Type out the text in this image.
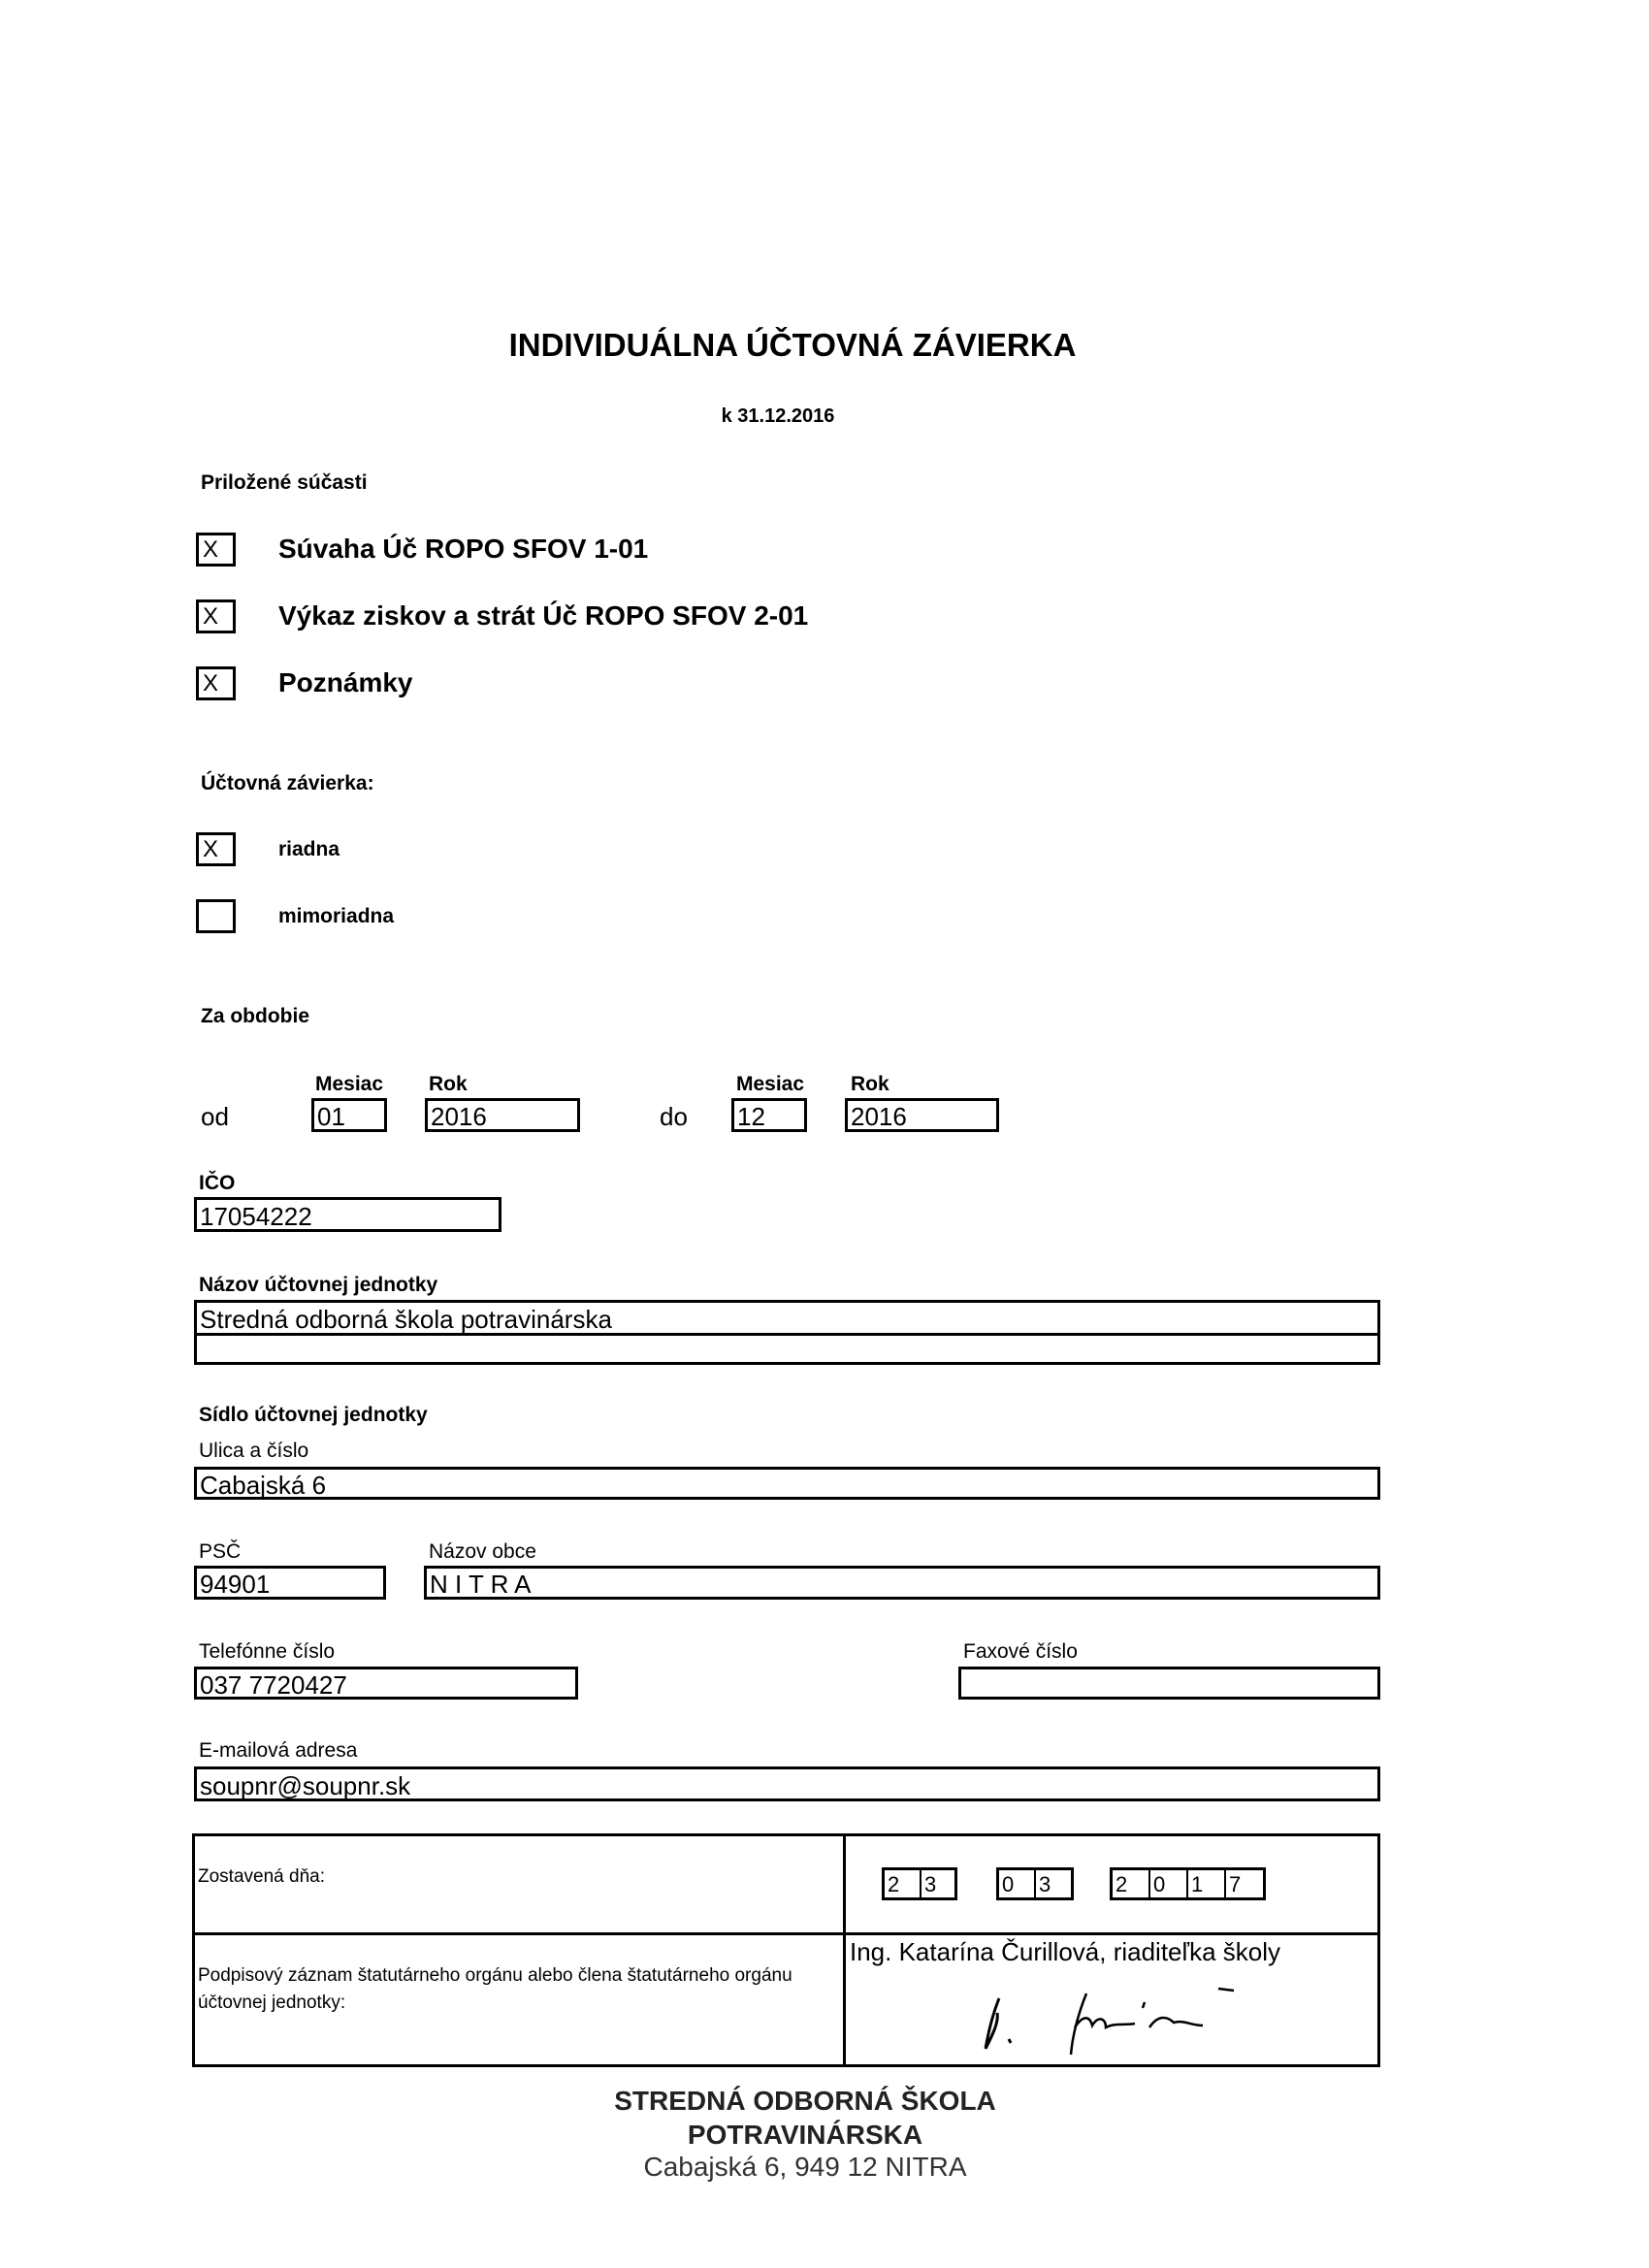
INDIVIDUÁLNA ÚČTOVNÁ ZÁVIERKA
k 31.12.2016
Priložené súčasti
X	Súvaha Úč ROPO SFOV 1-01
X	Výkaz ziskov a strát Úč ROPO SFOV 2-01
X	Poznámky
Účtovná závierka:
X	riadna
mimoriadna
Za obdobie
Mesiac Rok	Mesiac Rok
od	01	2016	do 12	2016
IČO
17054222
Názov účtovnej jednotky
Stredná odborná škola potravinárska
Sídlo účtovnej jednotky
Ulica a číslo
Cabajská 6
PSČ	Názov obce
94901	N I T R A
Telefónne číslo	Faxové číslo
037 7720427
E-mailová adresa
soupnr@soupnr.sk
Zostavená dňa:	2	3	0	3	2	0	1	7
Podpisový záznam štatutárneho orgánu alebo člena štatutárneho orgánu účtovnej jednotky:
Ing. Katarína Čurillová, riaditeľka školy
STREDNÁ ODBORNÁ ŠKOLA
POTRAVINÁRSKA
Cabajská 6, 949 12 NITRA
